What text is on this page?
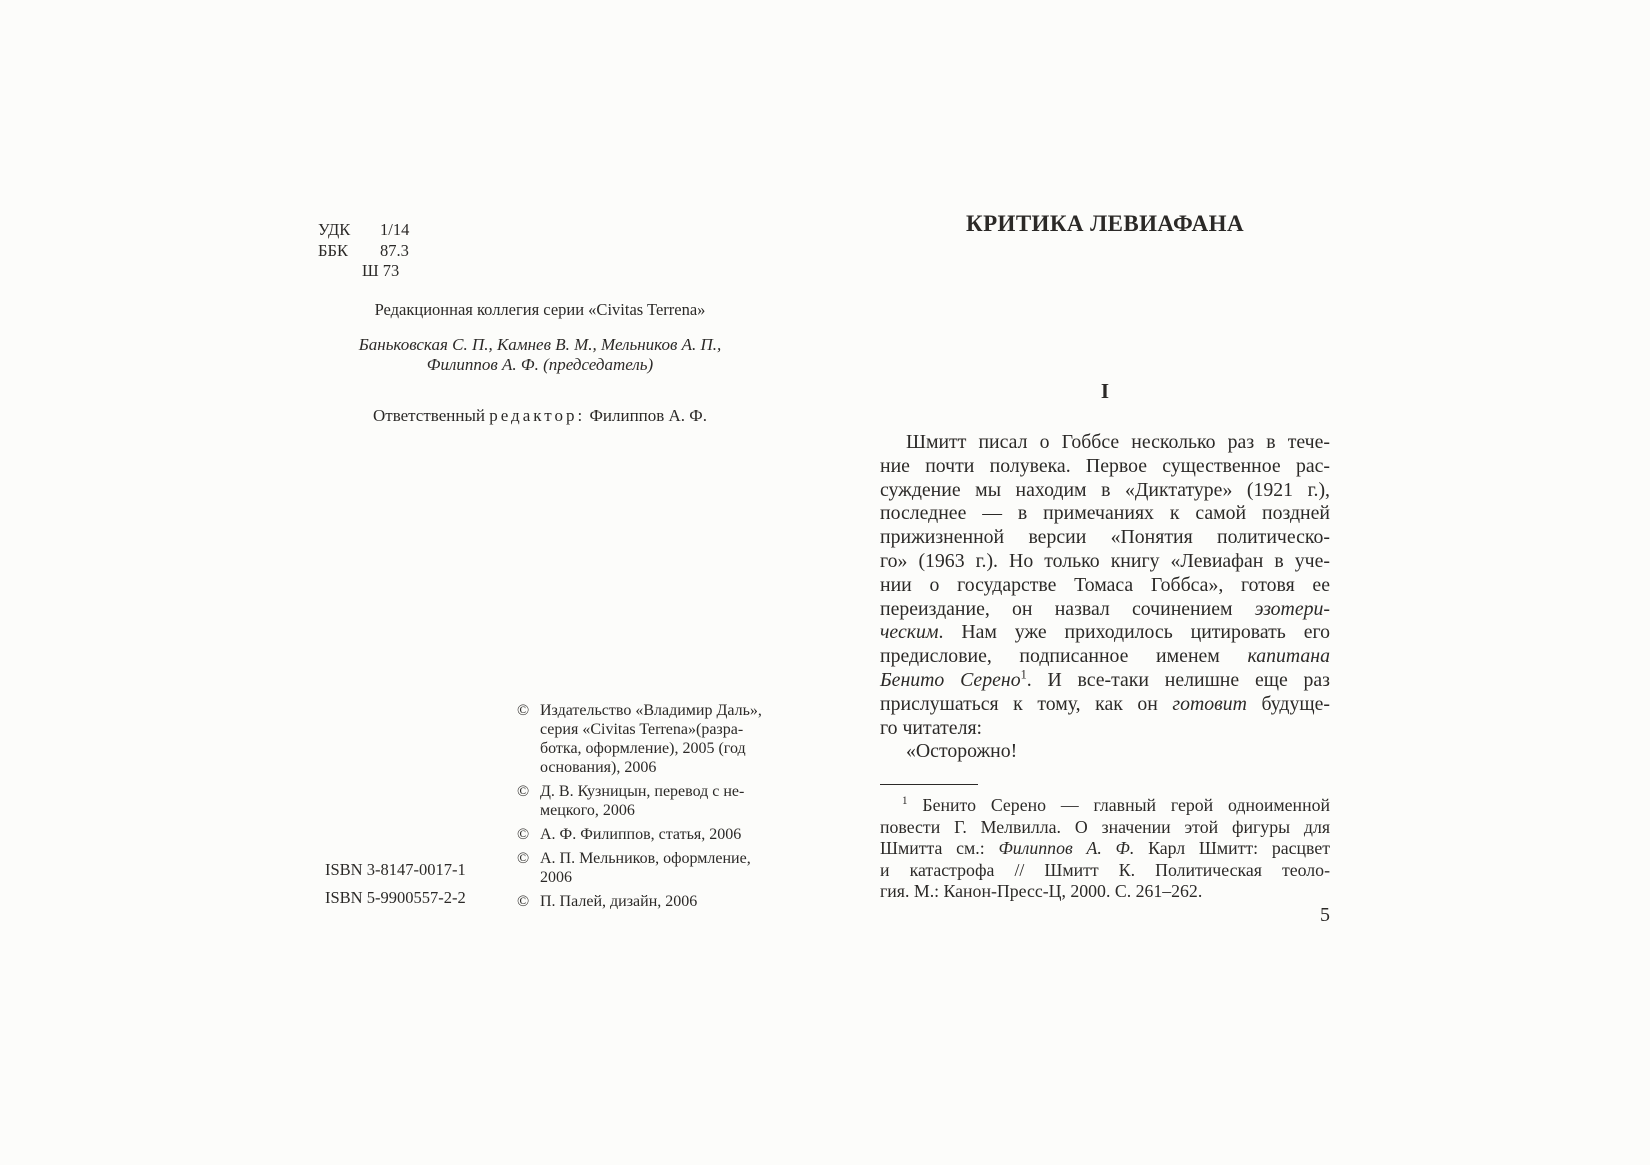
УДК 1/14
ББК 87.3
Ш 73
Редакционная коллегия серии «Civitas Terrena»
Баньковская С. П., Камнев В. М., Мельников А. П.,
Филиппов А. Ф. (председатель)
Ответственный редактор: Филиппов А. Ф.
© Издательство «Владимир Даль»,
серия «Civitas Terrena»(разра-
ботка, оформление), 2005 (год
основания), 2006
© Д. В. Кузницын, перевод с не-
мецкого, 2006
© А. Ф. Филиппов, статья, 2006
© А. П. Мельников, оформление,
2006
© П. Палей, дизайн, 2006
ISBN 3-8147-0017-1
ISBN 5-9900557-2-2
КРИТИКА ЛЕВИАФАНА
I
Шмитт писал о Гоббсе несколько раз в тече-
ние почти полувека. Первое существенное рас-
суждение мы находим в «Диктатуре» (1921 г.),
последнее — в примечаниях к самой поздней
прижизненной версии «Понятия политическо-
го» (1963 г.). Но только книгу «Левиафан в уче-
нии о государстве Томаса Гоббса», готовя ее
переиздание, он назвал сочинением эзотери-
ческим. Нам уже приходилось цитировать его
предисловие, подписанное именем капитана
Бенито Серено$^1$. И все-таки нелишне еще раз
прислушаться к тому, как он готовит будуще-
го читателя:
«Осторожно!
$^1$ Бенито Серено — главный герой одноименной
повести Г. Мелвилла. О значении этой фигуры для
Шмитта см.: Филиппов А. Ф. Карл Шмитт: расцвет
и катастрофа // Шмитт К. Политическая теоло-
гия. М.: Канон-Пресс-Ц, 2000. С. 261–262.
5
